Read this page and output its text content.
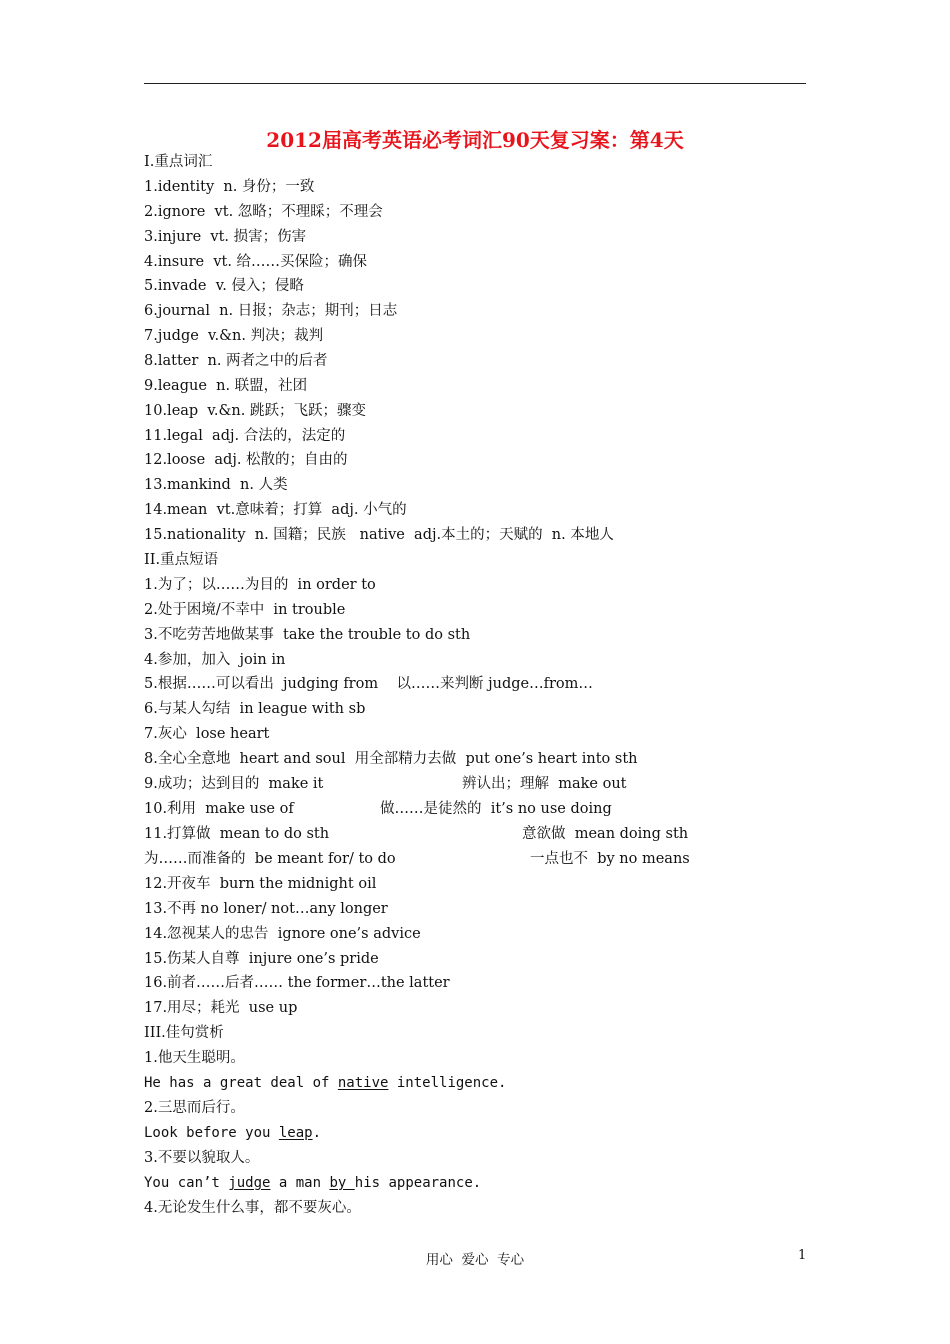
2012届高考英语必考词汇90天复习案：第4天
I.重点词汇
1.identity  n. 身份；一致
2.ignore  vt. 忽略；不理睬；不理会
3.injure  vt. 损害；伤害
4.insure  vt. 给……买保险；确保
5.invade  v. 侵入；侵略
6.journal  n. 日报；杂志；期刊；日志
7.judge  v.&n. 判决；裁判
8.latter  n. 两者之中的后者
9.league  n. 联盟，社团
10.leap  v.&n. 跳跃；飞跃；骤变
11.legal  adj. 合法的，法定的
12.loose  adj. 松散的；自由的
13.mankind  n. 人类
14.mean  vt.意味着；打算  adj. 小气的
15.nationality  n. 国籍；民族   native  adj.本土的；天赋的  n. 本地人
II.重点短语
1.为了；以……为目的  in order to
2.处于困境/不幸中  in trouble
3.不吃劳苦地做某事  take the trouble to do sth
4.参加，加入  join in
5.根据……可以看出  judging from    以……来判断 judge…from…
6.与某人勾结  in league with sb
7.灰心  lose heart
8.全心全意地  heart and soul  用全部精力去做  put one’s heart into sth
9.成功；达到目的  make it	辨认出；理解  make out
10.利用  make use of	做……是徒然的  it’s no use doing
11.打算做  mean to do sth	意欲做  mean doing sth
为……而准备的  be meant for/ to do	一点也不  by no means
12.开夜车  burn the midnight oil
13.不再 no loner/ not…any longer
14.忽视某人的忠告  ignore one’s advice
15.伤某人自尊  injure one’s pride
16.前者……后者…… the former…the latter
17.用尽；耗光  use up
III.佳句赏析
1.他天生聪明。
He has a great deal of native intelligence.
2.三思而后行。
Look before you leap.
3.不要以貌取人。
You can’t judge a man by his appearance.
4.无论发生什么事，都不要灰心。
用心  爱心  专心	1
